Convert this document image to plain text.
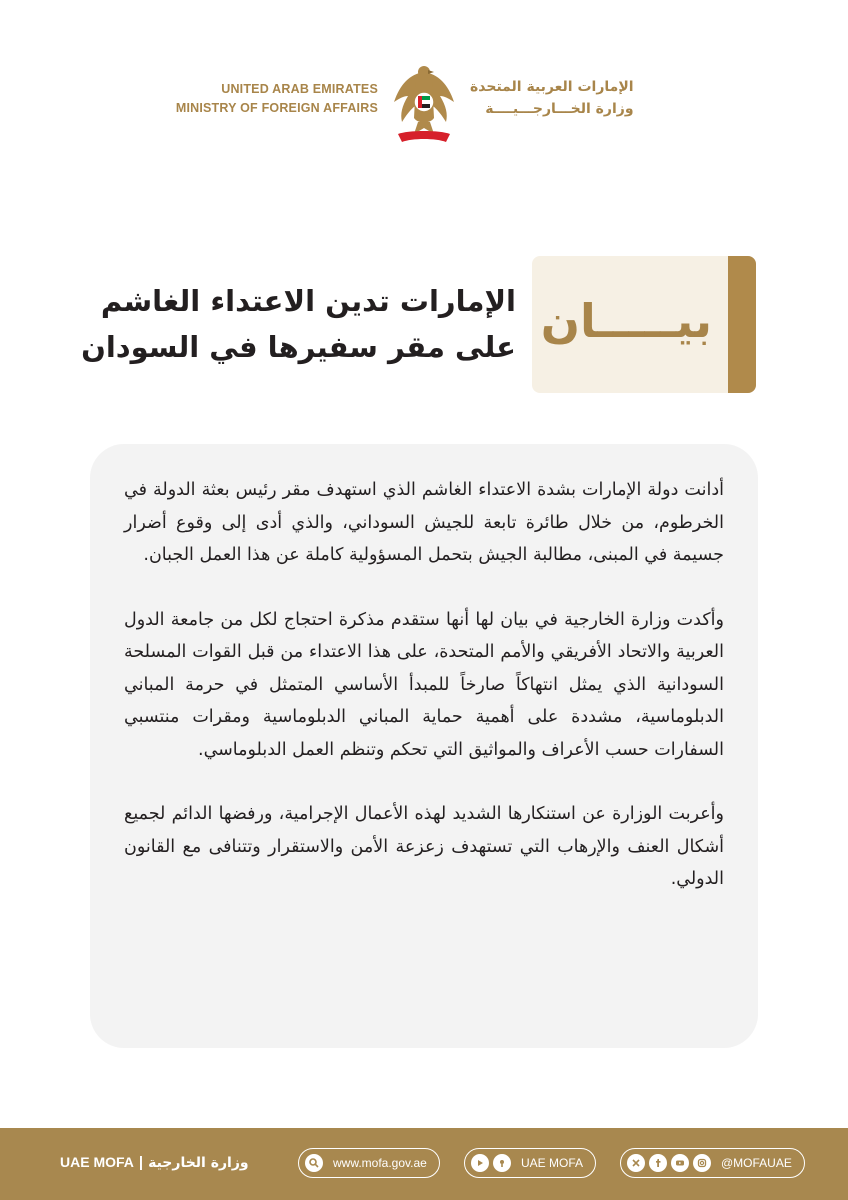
UNITED ARAB EMIRATES
MINISTRY OF FOREIGN AFFAIRS
الإمارات العربية المتحدة
وزارة الخـــارجـــيــــة
بيـــــان
الإمارات تدين الاعتداء الغاشم
على مقر سفيرها في السودان

أدانت دولة الإمارات بشدة الاعتداء الغاشم الذي استهدف مقر رئيس بعثة الدولة في الخرطوم، من خلال طائرة تابعة للجيش السوداني، والذي أدى إلى وقوع أضرار جسيمة في المبنى، مطالبة الجيش بتحمل المسؤولية كاملة عن هذا العمل الجبان.

وأكدت وزارة الخارجية في بيان لها أنها ستقدم مذكرة احتجاج لكل من جامعة الدول العربية والاتحاد الأفريقي والأمم المتحدة، على هذا الاعتداء من قبل القوات المسلحة السودانية الذي يمثل انتهاكاً صارخاً للمبدأ الأساسي المتمثل في حرمة المباني الدبلوماسية، مشددة على أهمية حماية المباني الدبلوماسية ومقرات منتسبي السفارات حسب الأعراف والمواثيق التي تحكم وتنظم العمل الدبلوماسي.

وأعربت الوزارة عن استنكارها الشديد لهذه الأعمال الإجرامية، ورفضها الدائم لجميع أشكال العنف والإرهاب التي تستهدف زعزعة الأمن والاستقرار وتتنافى مع القانون الدولي.

UAE MOFA | وزارة الخارجية	www.mofa.gov.ae	UAE MOFA	@MOFAUAE
